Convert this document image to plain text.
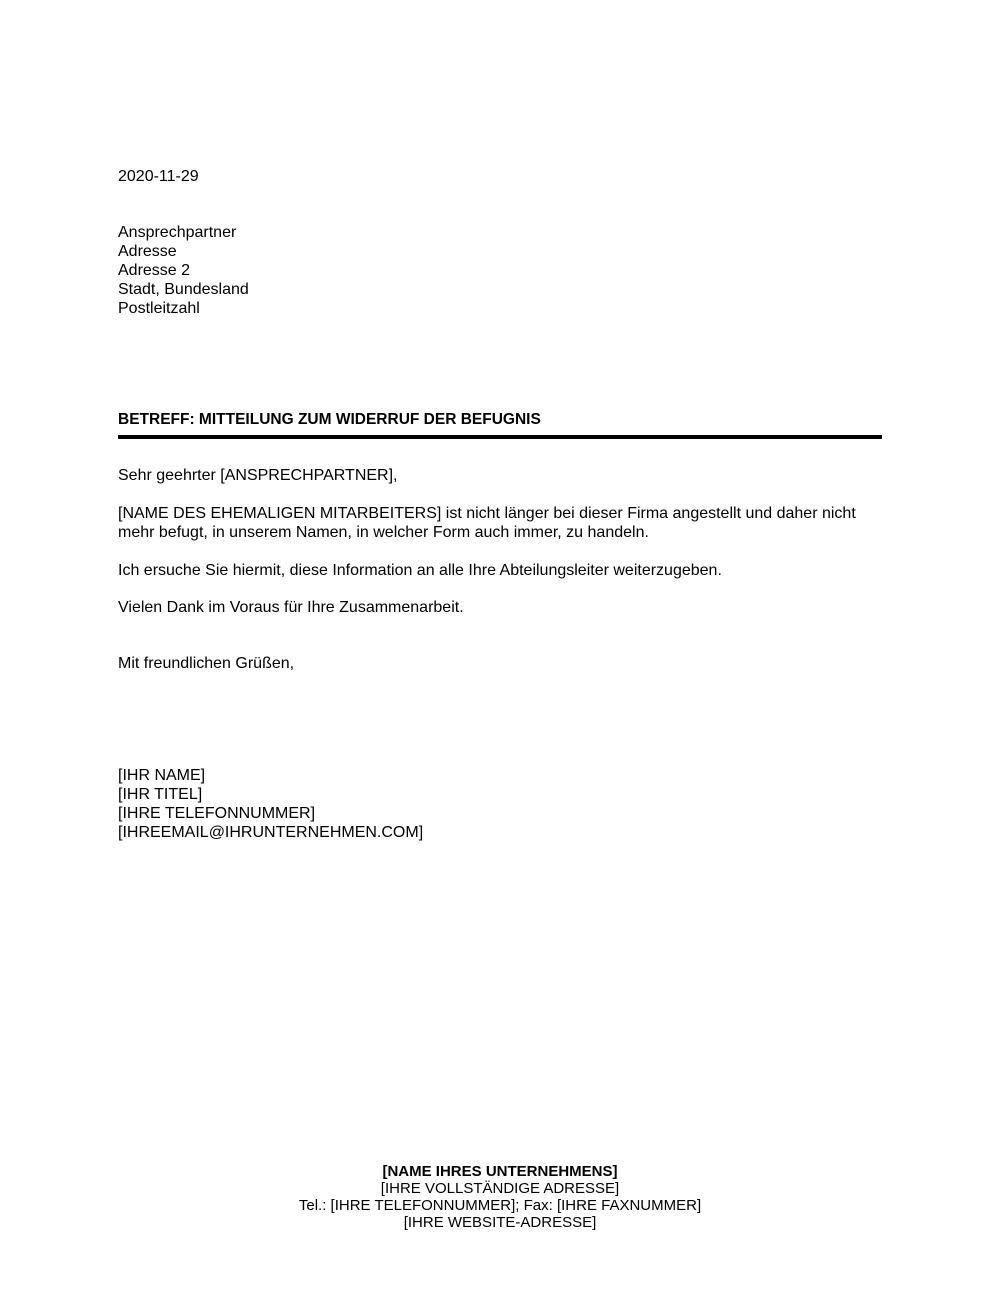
2020-11-29
Ansprechpartner
Adresse
Adresse 2
Stadt, Bundesland
Postleitzahl
BETREFF: MITTEILUNG ZUM WIDERRUF DER BEFUGNIS
Sehr geehrter [ANSPRECHPARTNER],
[NAME DES EHEMALIGEN MITARBEITERS] ist nicht länger bei dieser Firma angestellt und daher nicht mehr befugt, in unserem Namen, in welcher Form auch immer, zu handeln.
Ich ersuche Sie hiermit, diese Information an alle Ihre Abteilungsleiter weiterzugeben.
Vielen Dank im Voraus für Ihre Zusammenarbeit.
Mit freundlichen Grüßen,
[IHR NAME]
[IHR TITEL]
[IHRE TELEFONNUMMER]
[IHREEMAIL@IHRUNTERNEHMEN.COM]
[NAME IHRES UNTERNEHMENS]
[IHRE VOLLSTÄNDIGE ADRESSE]
Tel.: [IHRE TELEFONNUMMER]; Fax: [IHRE FAXNUMMER]
[IHRE WEBSITE-ADRESSE]
